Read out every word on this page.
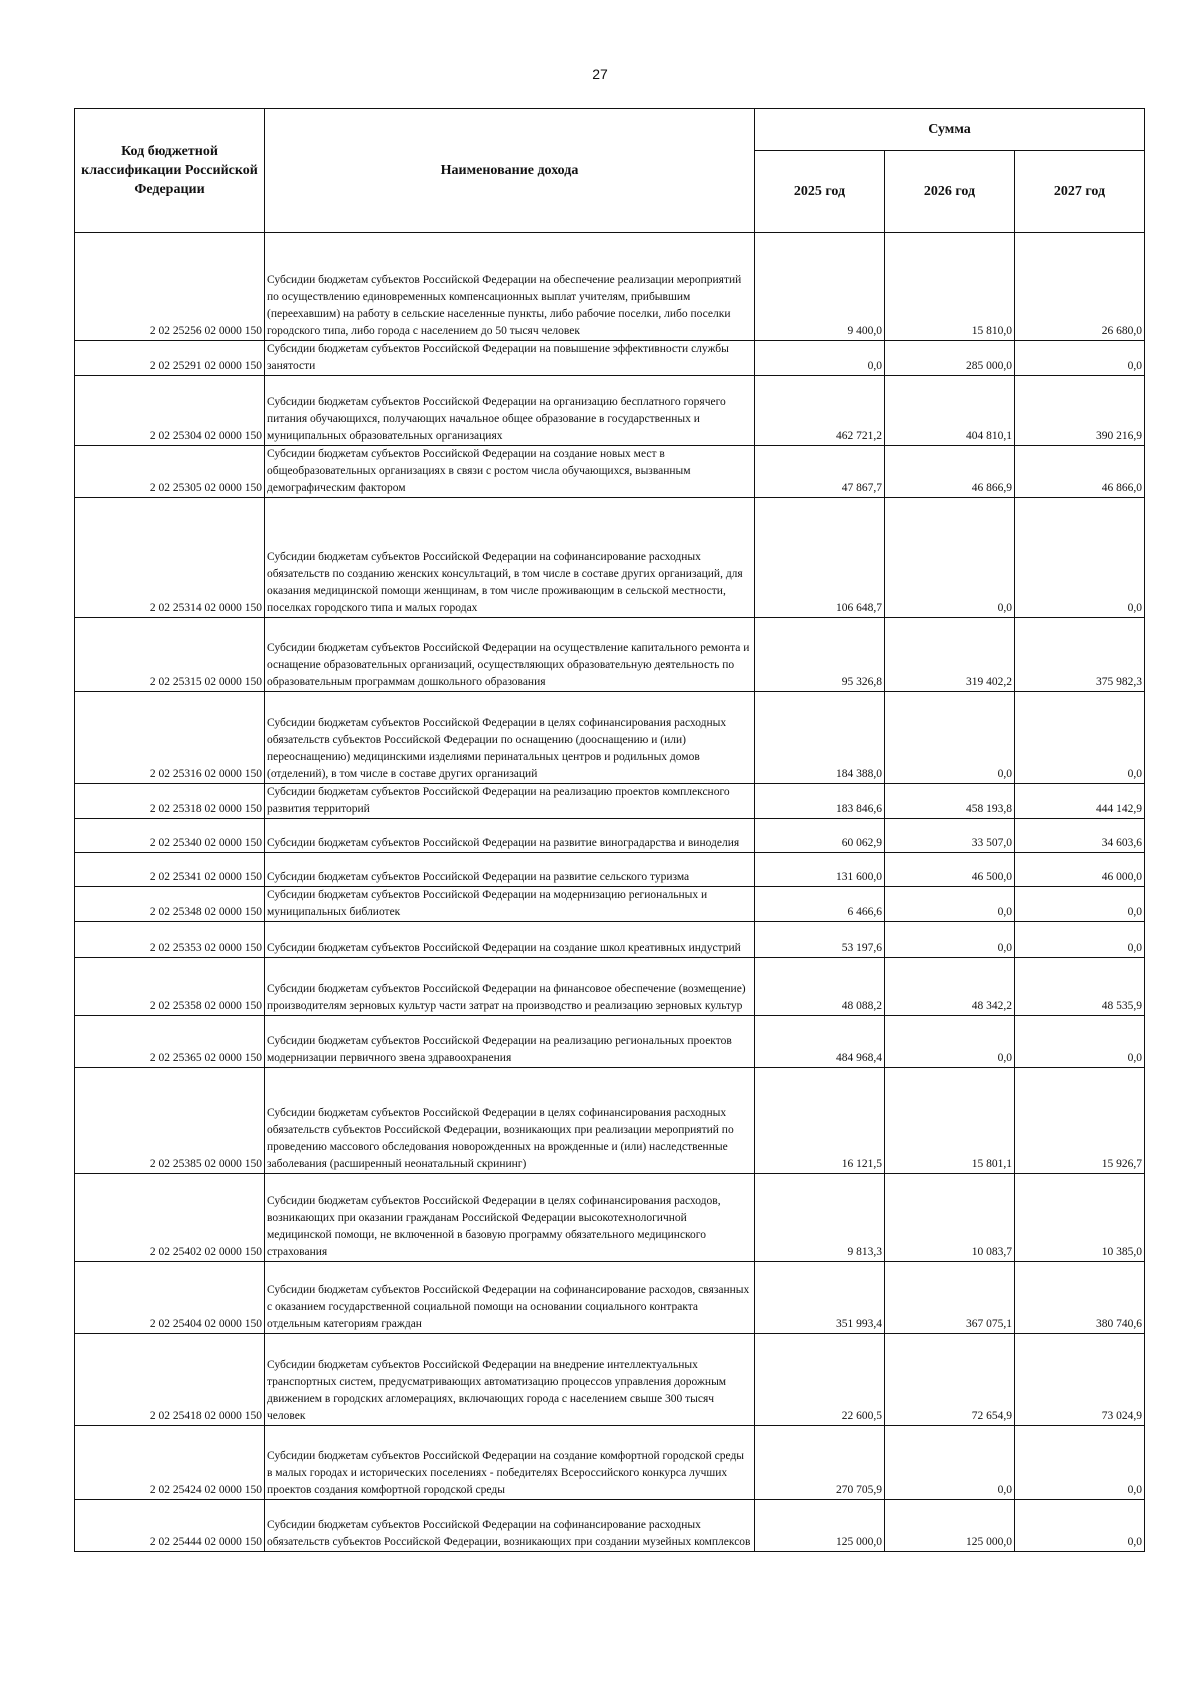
27
Код бюджетной классификации Российской Федерации	Наименование дохода	Сумма		
		2025 год	2026 год	2027 год
2 02 25256 02 0000 150	Субсидии бюджетам субъектов Российской Федерации на обеспечение реализации мероприятий по осуществлению единовременных компенсационных выплат учителям, прибывшим (переехавшим) на работу в сельские населенные пункты, либо рабочие поселки, либо поселки городского типа, либо города с населением до 50 тысяч человек	9 400,0	15 810,0	26 680,0
2 02 25291 02 0000 150	Субсидии бюджетам субъектов Российской Федерации на повышение эффективности службы занятости	0,0	285 000,0	0,0
2 02 25304 02 0000 150	Субсидии бюджетам субъектов Российской Федерации на организацию бесплатного горячего питания обучающихся, получающих начальное общее образование в государственных и муниципальных образовательных организациях	462 721,2	404 810,1	390 216,9
2 02 25305 02 0000 150	Субсидии бюджетам субъектов Российской Федерации на создание новых мест в общеобразовательных организациях в связи с ростом числа обучающихся, вызванным демографическим фактором	47 867,7	46 866,9	46 866,0
2 02 25314 02 0000 150	Субсидии бюджетам субъектов Российской Федерации на софинансирование расходных обязательств по созданию женских консультаций, в том числе в составе других организаций, для оказания медицинской помощи женщинам, в том числе проживающим в сельской местности, поселках городского типа и малых городах	106 648,7	0,0	0,0
2 02 25315 02 0000 150	Субсидии бюджетам субъектов Российской Федерации на осуществление капитального ремонта и оснащение образовательных организаций, осуществляющих образовательную деятельность по образовательным программам дошкольного образования	95 326,8	319 402,2	375 982,3
2 02 25316 02 0000 150	Субсидии бюджетам субъектов Российской Федерации в целях софинансирования расходных обязательств субъектов Российской Федерации по оснащению (дооснащению и (или) переоснащению) медицинскими изделиями перинатальных центров и родильных домов (отделений), в том числе в составе других организаций	184 388,0	0,0	0,0
2 02 25318 02 0000 150	Субсидии бюджетам субъектов Российской Федерации на реализацию проектов комплексного развития территорий	183 846,6	458 193,8	444 142,9
2 02 25340 02 0000 150	Субсидии бюджетам субъектов Российской Федерации на развитие виноградарства и виноделия	60 062,9	33 507,0	34 603,6
2 02 25341 02 0000 150	Субсидии бюджетам субъектов Российской Федерации на развитие сельского туризма	131 600,0	46 500,0	46 000,0
2 02 25348 02 0000 150	Субсидии бюджетам субъектов Российской Федерации на модернизацию региональных и муниципальных библиотек	6 466,6	0,0	0,0
2 02 25353 02 0000 150	Субсидии бюджетам субъектов Российской Федерации на создание школ креативных индустрий	53 197,6	0,0	0,0
2 02 25358 02 0000 150	Субсидии бюджетам субъектов Российской Федерации на финансовое обеспечение (возмещение) производителям зерновых культур части затрат на производство и реализацию зерновых культур	48 088,2	48 342,2	48 535,9
2 02 25365 02 0000 150	Субсидии бюджетам субъектов Российской Федерации на реализацию региональных проектов модернизации первичного звена здравоохранения	484 968,4	0,0	0,0
2 02 25385 02 0000 150	Субсидии бюджетам субъектов Российской Федерации в целях софинансирования расходных обязательств субъектов Российской Федерации, возникающих при реализации мероприятий по проведению массового обследования новорожденных на врожденные и (или) наследственные заболевания (расширенный неонатальный скрининг)	16 121,5	15 801,1	15 926,7
2 02 25402 02 0000 150	Субсидии бюджетам субъектов Российской Федерации в целях софинансирования расходов, возникающих при оказании гражданам Российской Федерации высокотехнологичной медицинской помощи, не включенной в базовую программу обязательного медицинского страхования	9 813,3	10 083,7	10 385,0
2 02 25404 02 0000 150	Субсидии бюджетам субъектов Российской Федерации на софинансирование расходов, связанных с оказанием государственной социальной помощи на основании социального контракта отдельным категориям граждан	351 993,4	367 075,1	380 740,6
2 02 25418 02 0000 150	Субсидии бюджетам субъектов Российской Федерации на внедрение интеллектуальных транспортных систем, предусматривающих автоматизацию процессов управления дорожным движением в городских агломерациях, включающих города с населением свыше 300 тысяч человек	22 600,5	72 654,9	73 024,9
2 02 25424 02 0000 150	Субсидии бюджетам субъектов Российской Федерации на создание комфортной городской среды в малых городах и исторических поселениях - победителях Всероссийского конкурса лучших проектов создания комфортной городской среды	270 705,9	0,0	0,0
2 02 25444 02 0000 150	Субсидии бюджетам субъектов Российской Федерации на софинансирование расходных обязательств субъектов Российской Федерации, возникающих при создании музейных комплексов	125 000,0	125 000,0	0,0
